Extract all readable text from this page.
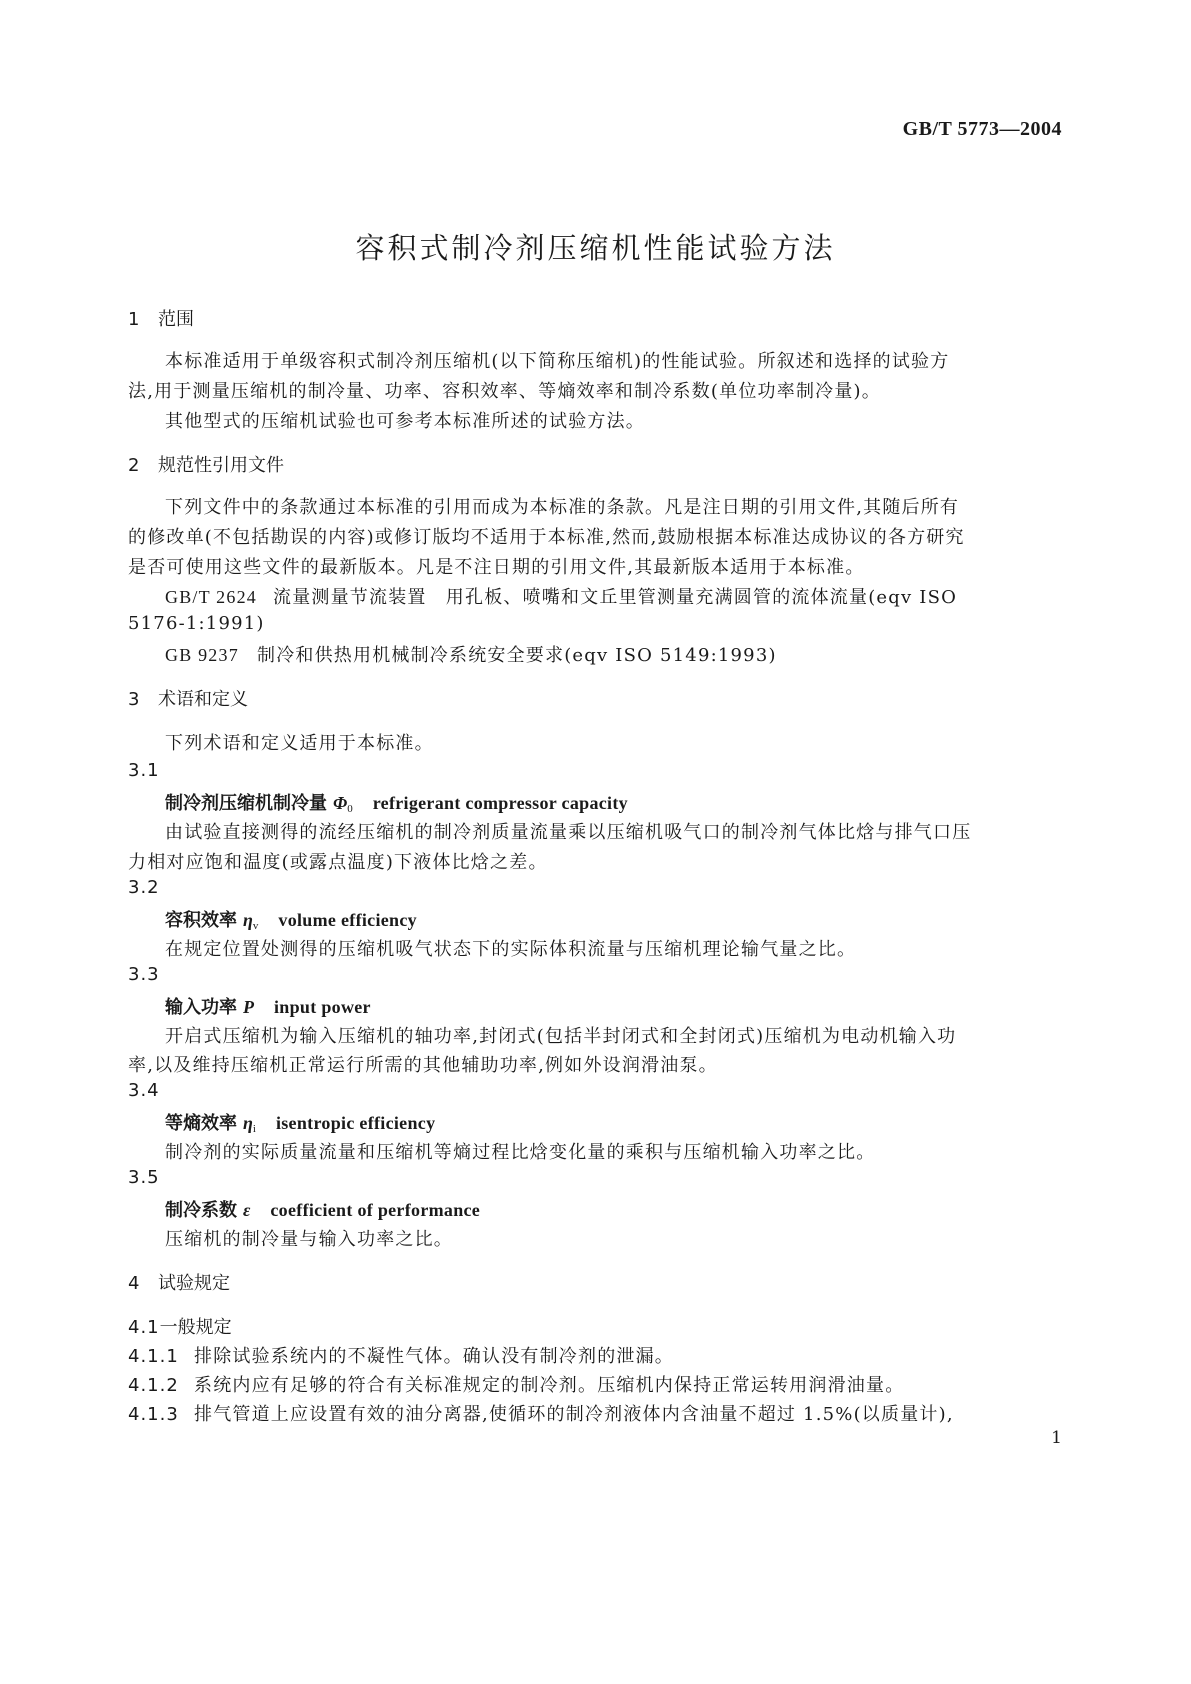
GB/T 5773—2004
容积式制冷剂压缩机性能试验方法
1 范围
本标准适用于单级容积式制冷剂压缩机(以下简称压缩机)的性能试验。所叙述和选择的试验方
法,用于测量压缩机的制冷量、功率、容积效率、等熵效率和制冷系数(单位功率制冷量)。
其他型式的压缩机试验也可参考本标准所述的试验方法。
2 规范性引用文件
下列文件中的条款通过本标准的引用而成为本标准的条款。凡是注日期的引用文件,其随后所有
的修改单(不包括勘误的内容)或修订版均不适用于本标准,然而,鼓励根据本标准达成协议的各方研究
是否可使用这些文件的最新版本。凡是不注日期的引用文件,其最新版本适用于本标准。
GB/T 2624 流量测量节流装置　用孔板、喷嘴和文丘里管测量充满圆管的流体流量(eqv ISO
5176-1:1991)
GB 9237 制冷和供热用机械制冷系统安全要求(eqv ISO 5149:1993)
3 术语和定义
下列术语和定义适用于本标准。
3.1
制冷剂压缩机制冷量 $\Phi_0$ refrigerant compressor capacity
由试验直接测得的流经压缩机的制冷剂质量流量乘以压缩机吸气口的制冷剂气体比焓与排气口压
力相对应饱和温度(或露点温度)下液体比焓之差。
3.2
容积效率 $\eta_v$ volume efficiency
在规定位置处测得的压缩机吸气状态下的实际体积流量与压缩机理论输气量之比。
3.3
输入功率 P input power
开启式压缩机为输入压缩机的轴功率,封闭式(包括半封闭式和全封闭式)压缩机为电动机输入功
率,以及维持压缩机正常运行所需的其他辅助功率,例如外设润滑油泵。
3.4
等熵效率 $\eta_i$ isentropic efficiency
制冷剂的实际质量流量和压缩机等熵过程比焓变化量的乘积与压缩机输入功率之比。
3.5
制冷系数 ε coefficient of performance
压缩机的制冷量与输入功率之比。
4 试验规定
4.1一般规定
4.1.1 排除试验系统内的不凝性气体。确认没有制冷剂的泄漏。
4.1.2 系统内应有足够的符合有关标准规定的制冷剂。压缩机内保持正常运转用润滑油量。
4.1.3 排气管道上应设置有效的油分离器,使循环的制冷剂液体内含油量不超过 1.5%(以质量计),
1
